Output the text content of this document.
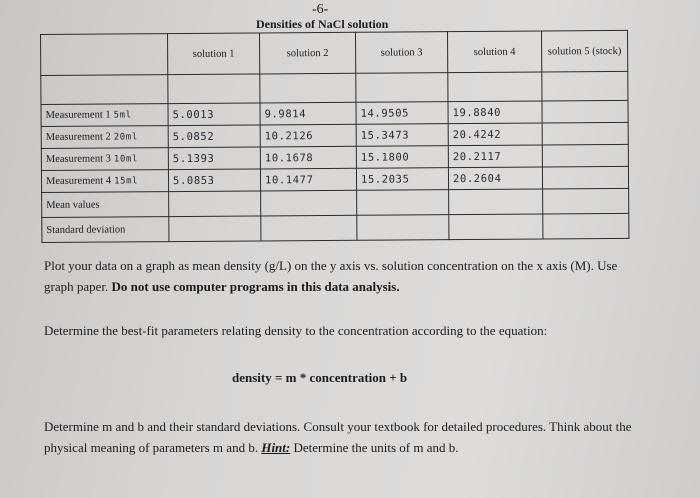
-6-
Densities of NaCl solution
	solution 1	solution 2	solution 3	solution 4	solution 5 (stock)

Measurement 1 5ml	5.0013	9.9814	14.9505	19.8840	
Measurement 2 20ml	5.0852	10.2126	15.3473	20.4242	
Measurement 3 10ml	5.1393	10.1678	15.1800	20.2117	
Measurement 4 15ml	5.0853	10.1477	15.2035	20.2604	
Mean values					
Standard deviation					
Plot your data on a graph as mean density (g/L) on the y axis vs. solution concentration on the x axis (M). Use graph paper. Do not use computer programs in this data analysis.
Determine the best-fit parameters relating density to the concentration according to the equation:
density = m * concentration + b
Determine m and b and their standard deviations. Consult your textbook for detailed procedures. Think about the physical meaning of parameters m and b. Hint: Determine the units of m and b.
